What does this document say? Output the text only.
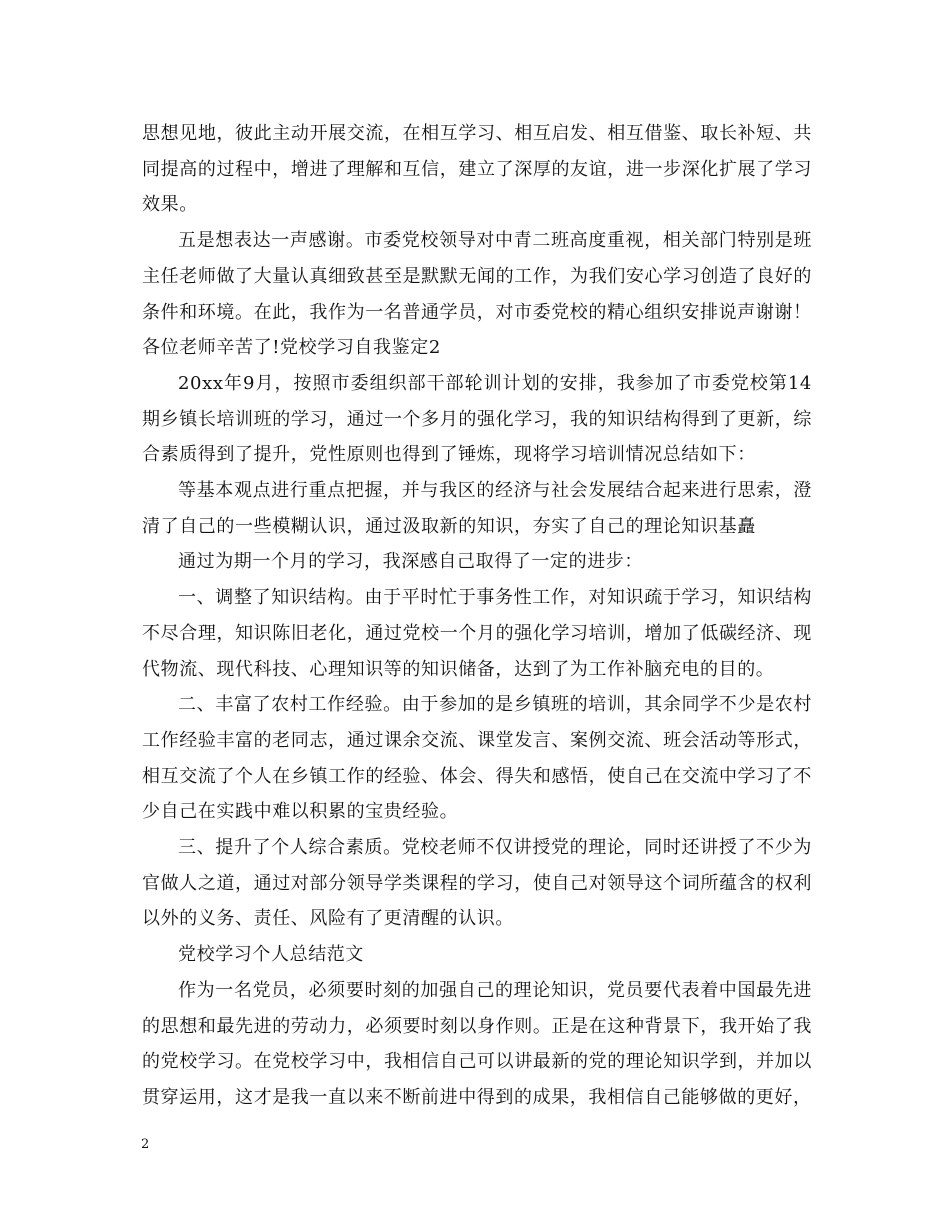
思想见地，彼此主动开展交流，在相互学习、相互启发、相互借鉴、取长补短、共同提高的过程中，增进了理解和互信，建立了深厚的友谊，进一步深化扩展了学习效果。

五是想表达一声感谢。市委党校领导对中青二班高度重视，相关部门特别是班主任老师做了大量认真细致甚至是默默无闻的工作，为我们安心学习创造了良好的条件和环境。在此，我作为一名普通学员，对市委党校的精心组织安排说声谢谢！

各位老师辛苦了!党校学习自我鉴定2

20xx年9月，按照市委组织部干部轮训计划的安排，我参加了市委党校第14期乡镇长培训班的学习，通过一个多月的强化学习，我的知识结构得到了更新，综合素质得到了提升，党性原则也得到了锤炼，现将学习培训情况总结如下：

等基本观点进行重点把握，并与我区的经济与社会发展结合起来进行思索，澄清了自己的一些模糊认识，通过汲取新的知识，夯实了自己的理论知识基矗

通过为期一个月的学习，我深感自己取得了一定的进步：

一、调整了知识结构。由于平时忙于事务性工作，对知识疏于学习，知识结构不尽合理，知识陈旧老化，通过党校一个月的强化学习培训，增加了低碳经济、现代物流、现代科技、心理知识等的知识储备，达到了为工作补脑充电的目的。

二、丰富了农村工作经验。由于参加的是乡镇班的培训，其余同学不少是农村工作经验丰富的老同志，通过课余交流、课堂发言、案例交流、班会活动等形式，相互交流了个人在乡镇工作的经验、体会、得失和感悟，使自己在交流中学习了不少自己在实践中难以积累的宝贵经验。

三、提升了个人综合素质。党校老师不仅讲授党的理论，同时还讲授了不少为官做人之道，通过对部分领导学类课程的学习，使自己对领导这个词所蕴含的权利以外的义务、责任、风险有了更清醒的认识。

党校学习个人总结范文

作为一名党员，必须要时刻的加强自己的理论知识，党员要代表着中国最先进的思想和最先进的劳动力，必须要时刻以身作则。正是在这种背景下，我开始了我的党校学习。在党校学习中，我相信自己可以讲最新的党的理论知识学到，并加以贯穿运用，这才是我一直以来不断前进中得到的成果，我相信自己能够做的更好，

2
